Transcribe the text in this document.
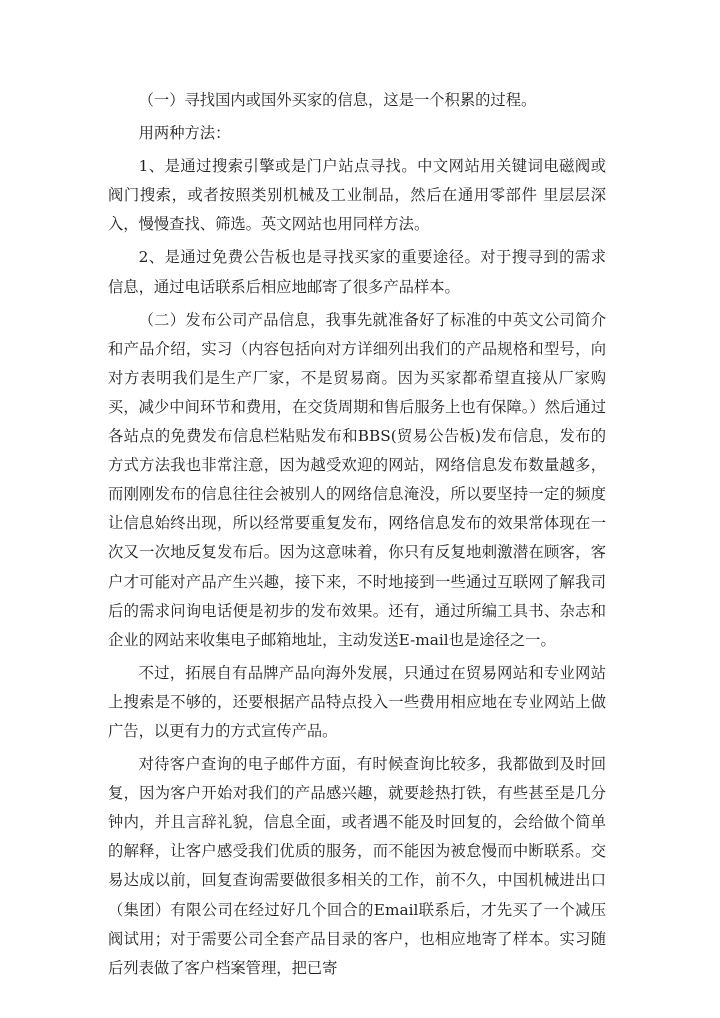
（一）寻找国内或国外买家的信息，这是一个积累的过程。

用两种方法：

1、是通过搜索引擎或是门户站点寻找。中文网站用关键词电磁阀或阀门搜索，或者按照类别机械及工业制品，然后在通用零部件 里层层深入，慢慢查找、筛选。英文网站也用同样方法。

2、是通过免费公告板也是寻找买家的重要途径。对于搜寻到的需求信息，通过电话联系后相应地邮寄了很多产品样本。

（二）发布公司产品信息，我事先就准备好了标准的中英文公司简介和产品介绍，实习（内容包括向对方详细列出我们的产品规格和型号，向对方表明我们是生产厂家，不是贸易商。因为买家都希望直接从厂家购买，减少中间环节和费用，在交货周期和售后服务上也有保障。）然后通过各站点的免费发布信息栏粘贴发布和BBS(贸易公告板)发布信息，发布的方式方法我也非常注意，因为越受欢迎的网站，网络信息发布数量越多，而刚刚发布的信息往往会被别人的网络信息淹没，所以要坚持一定的频度让信息始终出现，所以经常要重复发布，网络信息发布的效果常体现在一次又一次地反复发布后。因为这意味着，你只有反复地刺激潜在顾客，客户才可能对产品产生兴趣，接下来，不时地接到一些通过互联网了解我司后的需求问询电话便是初步的发布效果。还有，通过所编工具书、杂志和企业的网站来收集电子邮箱地址，主动发送E-mail也是途径之一。

不过，拓展自有品牌产品向海外发展，只通过在贸易网站和专业网站上搜索是不够的，还要根据产品特点投入一些费用相应地在专业网站上做广告，以更有力的方式宣传产品。

对待客户查询的电子邮件方面，有时候查询比较多，我都做到及时回复，因为客户开始对我们的产品感兴趣，就要趁热打铁，有些甚至是几分钟内，并且言辞礼貌，信息全面，或者遇不能及时回复的，会给做个简单的解释，让客户感受我们优质的服务，而不能因为被怠慢而中断联系。交易达成以前，回复查询需要做很多相关的工作，前不久，中国机械进出口（集团）有限公司在经过好几个回合的Email联系后，才先买了一个减压阀试用；对于需要公司全套产品目录的客户，也相应地寄了样本。实习随后列表做了客户档案管理，把已寄
